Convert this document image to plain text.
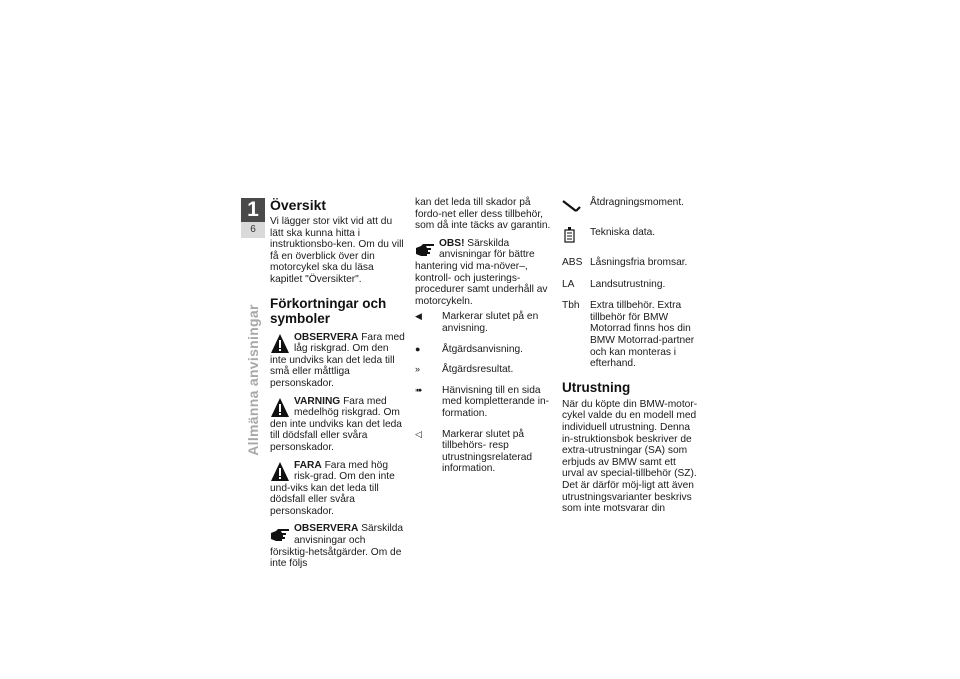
1
6
Allmänna anvisningar
Översikt

Vi lägger stor vikt vid att du lätt ska kunna hitta i instruktionsbo-ken. Om du vill få en överblick över din motorcykel ska du läsa kapitlet "Översikter".

Förkortningar och symboler
OBSERVERA Fara med låg riskgrad. Om den inte undviks kan det leda till små eller måttliga personskador.
VARNING Fara med medelhög riskgrad. Om den inte undviks kan det leda till dödsfall eller svåra personskador.
FARA Fara med hög risk-grad. Om den inte und-viks kan det leda till dödsfall eller svåra personskador.
OBSERVERA Särskilda anvisningar och försiktig-hetsåtgärder. Om de inte följs

kan det leda till skador på fordo-net eller dess tillbehör, som då inte täcks av garantin.

OBS! Särskilda anvisningar för bättre hantering vid ma-növer–, kontroll- och justerings-procedurer samt underhåll av motorcykeln.
◀	Markerar slutet på en anvisning.
●	Åtgärdsanvisning.
»	Åtgärdsresultat.
➠	Hänvisning till en sida med kompletterande in-formation.
◁	Markerar slutet på tillbehörs- resp utrustningsrelaterad information.
Åtdragningsmoment.
Tekniska data.
ABS Låsningsfria bromsar.
LA	Landsutrustning.
Tbh	Extra tillbehör. Extra tillbehör för BMW Motorrad finns hos din BMW Motorrad-partner och kan monteras i efterhand.
Utrustning

När du köpte din BMW-motor-cykel valde du en modell med individuell utrustning. Denna in-struktionsbok beskriver de extra-utrustningar (SA) som erbjuds av BMW samt ett urval av special-tillbehör (SZ). Det är därför möj-ligt att även utrustningsvarianter beskrivs som inte motsvarar din
